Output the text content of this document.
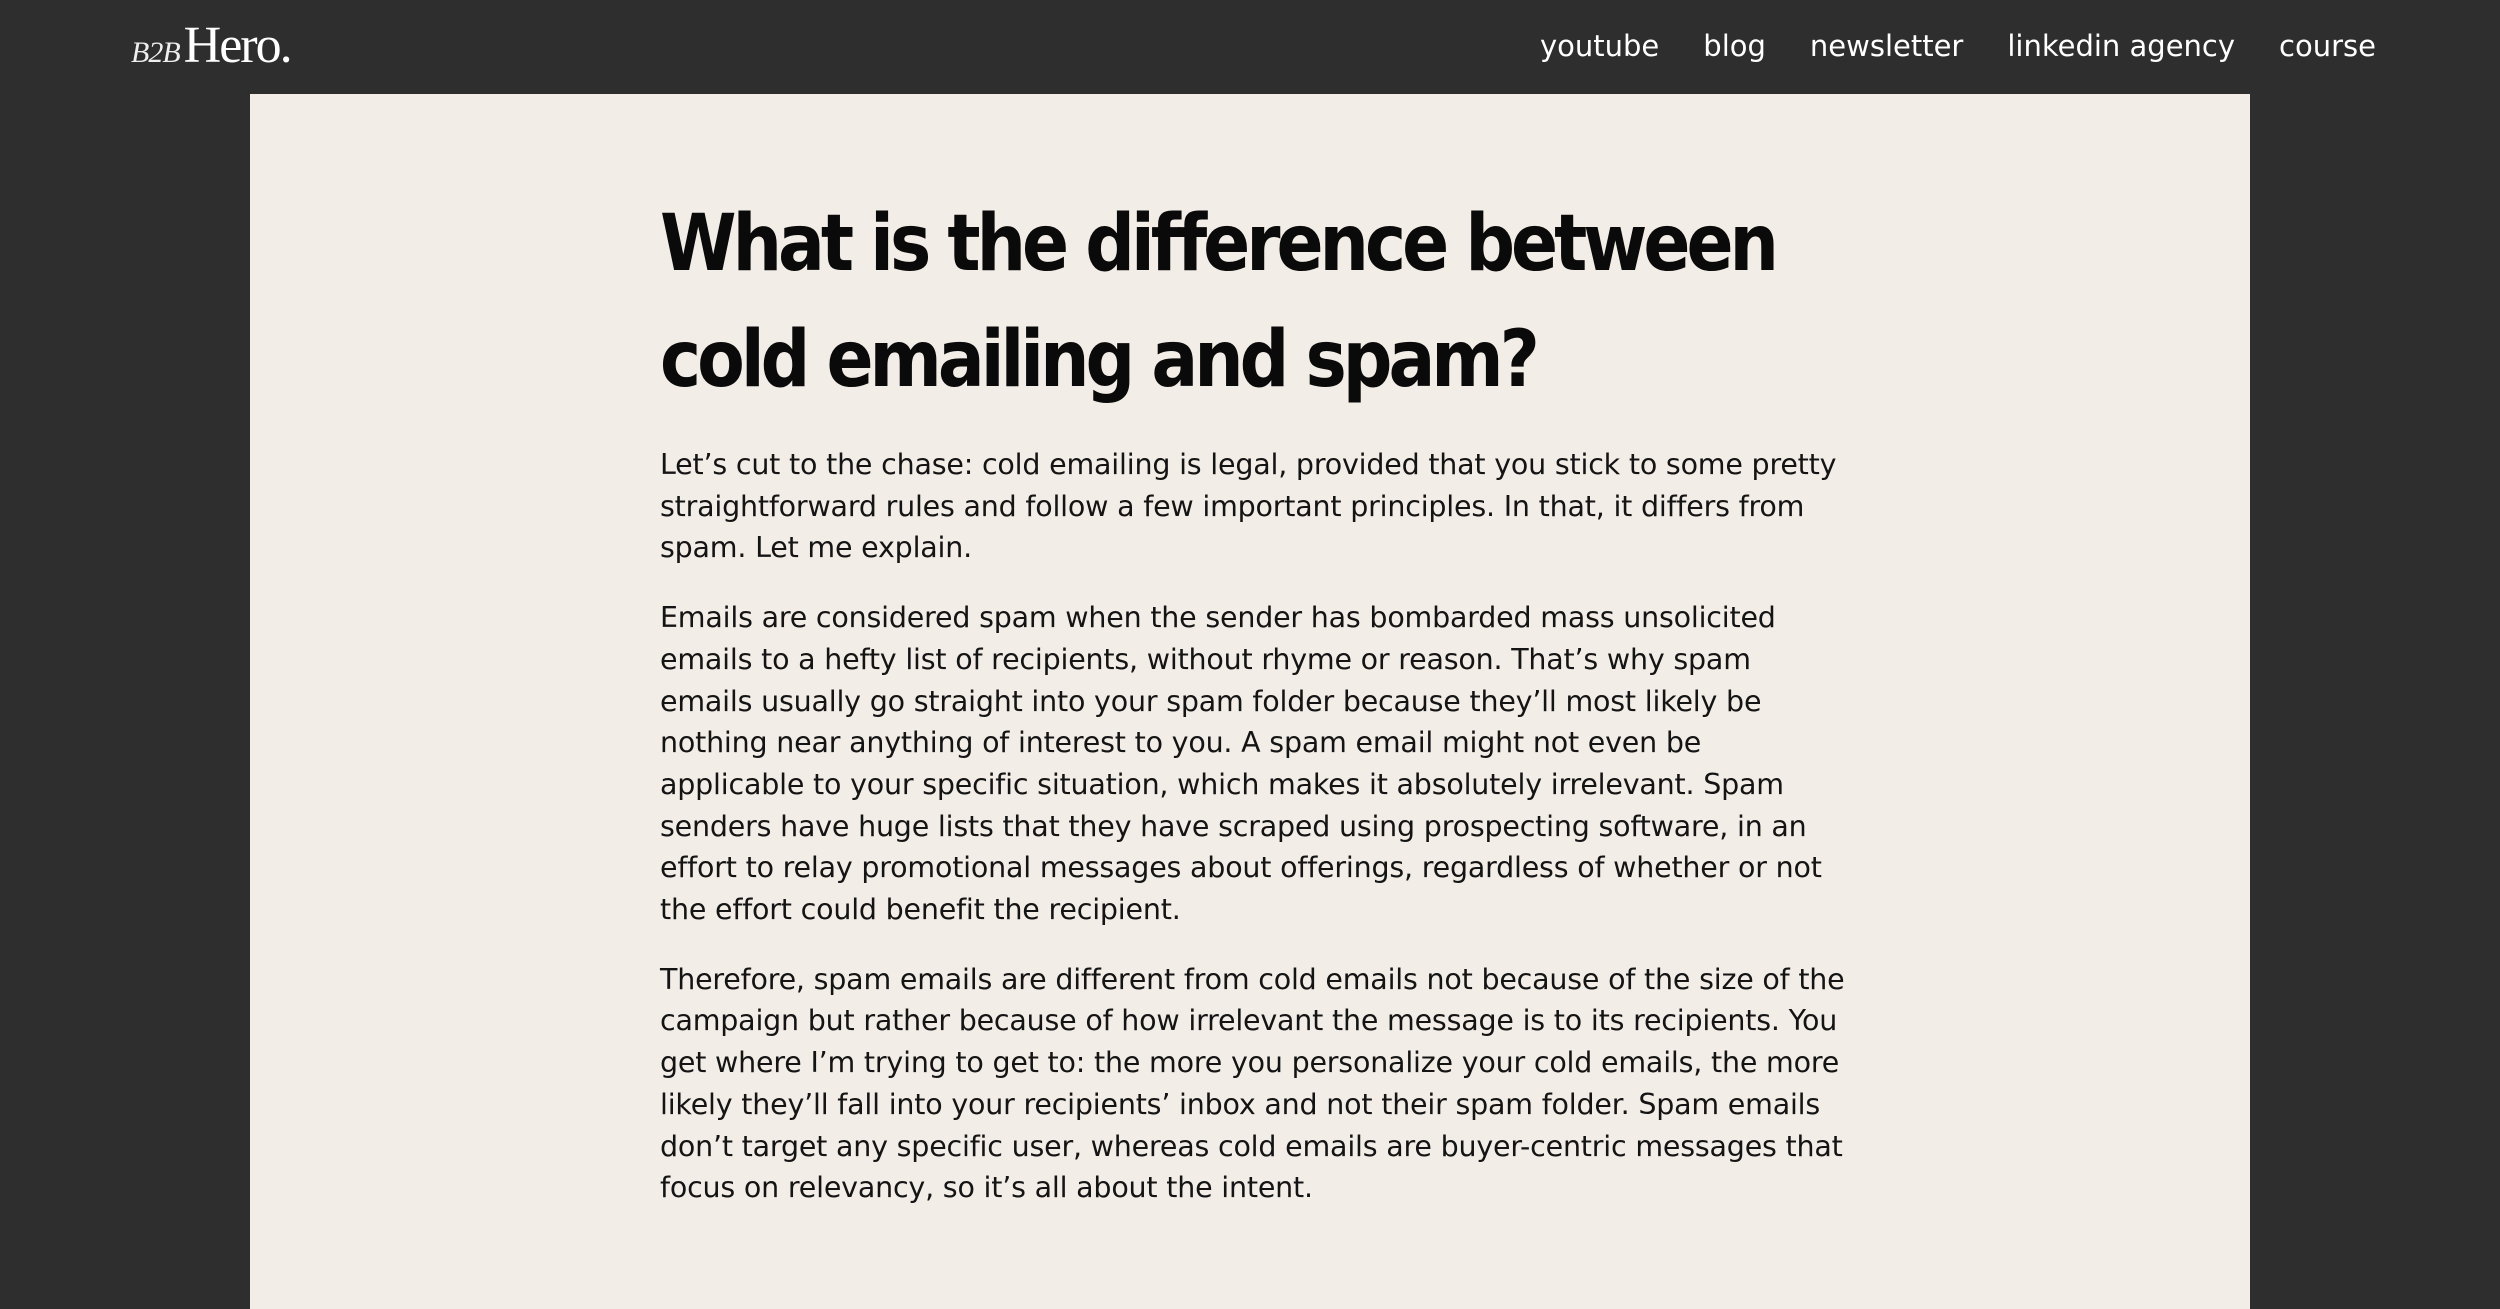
B2B Hero.	youtube blog newsletter linkedin agency course
What is the difference between cold emailing and spam?

Let’s cut to the chase: cold emailing is legal, provided that you stick to some pretty straightforward rules and follow a few important principles. In that, it differs from spam. Let me explain.

Emails are considered spam when the sender has bombarded mass unsolicited emails to a hefty list of recipients, without rhyme or reason. That’s why spam emails usually go straight into your spam folder because they’ll most likely be nothing near anything of interest to you. A spam email might not even be applicable to your specific situation, which makes it absolutely irrelevant. Spam senders have huge lists that they have scraped using prospecting software, in an effort to relay promotional messages about offerings, regardless of whether or not the effort could benefit the recipient.

Therefore, spam emails are different from cold emails not because of the size of the campaign but rather because of how irrelevant the message is to its recipients. You get where I’m trying to get to: the more you personalize your cold emails, the more likely they’ll fall into your recipients’ inbox and not their spam folder. Spam emails don’t target any specific user, whereas cold emails are buyer-centric messages that focus on relevancy, so it’s all about the intent.
